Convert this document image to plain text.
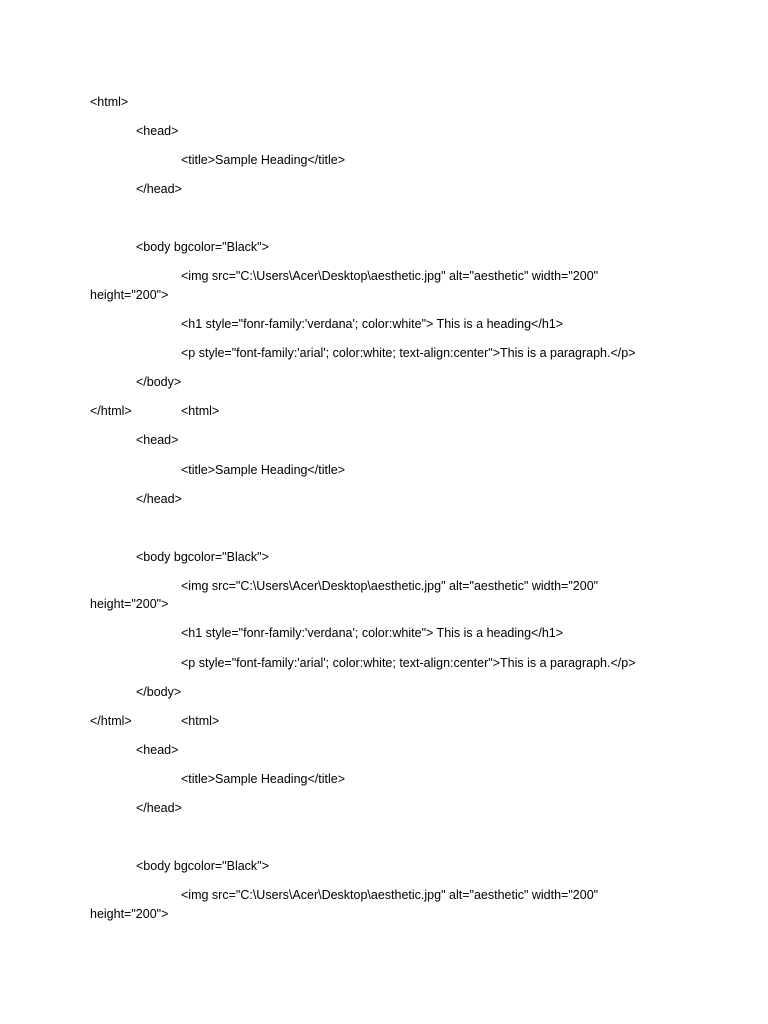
<html>
<head>
<title>Sample Heading</title>
</head>
<body bgcolor="Black">
<img src="C:\Users\Acer\Desktop\aesthetic.jpg" alt="aesthetic" width="200"
height="200">
<h1 style="fonr-family:'verdana'; color:white"> This is a heading</h1>
<p style="font-family:'arial'; color:white; text-align:center">This is a paragraph.</p>
</body>
</html>	<html>
<head>
<title>Sample Heading</title>
</head>
<body bgcolor="Black">
<img src="C:\Users\Acer\Desktop\aesthetic.jpg" alt="aesthetic" width="200"
height="200">
<h1 style="fonr-family:'verdana'; color:white"> This is a heading</h1>
<p style="font-family:'arial'; color:white; text-align:center">This is a paragraph.</p>
</body>
</html>	<html>
<head>
<title>Sample Heading</title>
</head>
<body bgcolor="Black">
<img src="C:\Users\Acer\Desktop\aesthetic.jpg" alt="aesthetic" width="200"
height="200">
